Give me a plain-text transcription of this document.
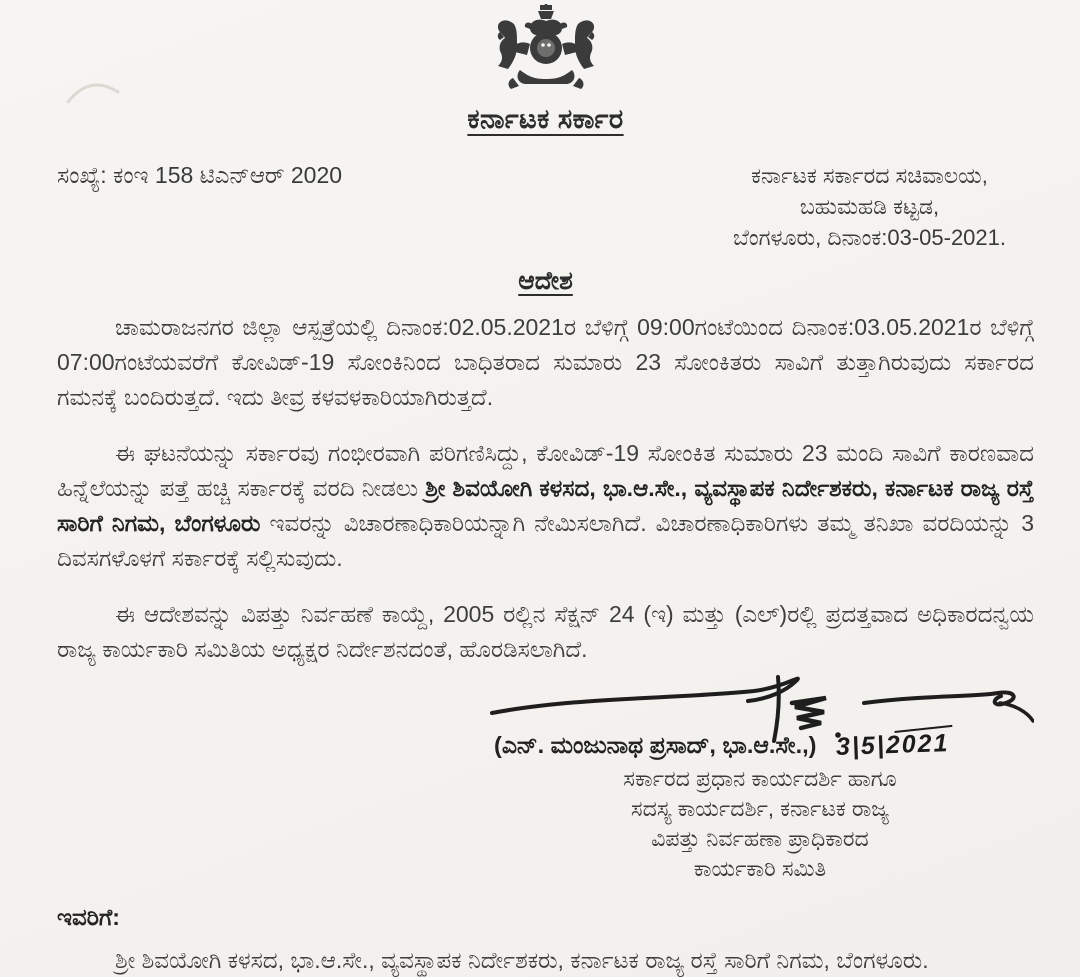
ಕರ್ನಾಟಕ ಸರ್ಕಾರ
ಸಂಖ್ಯೆ: ಕಂಇ 158 ಟಿಎನ್‌ಆರ್ 2020	ಕರ್ನಾಟಕ ಸರ್ಕಾರದ ಸಚಿವಾಲಯ,
ಬಹುಮಹಡಿ ಕಟ್ಟಡ,
ಬೆಂಗಳೂರು, ದಿನಾಂಕ:03-05-2021.
ಆದೇಶ

ಚಾಮರಾಜನಗರ ಜಿಲ್ಲಾ ಆಸ್ಪತ್ರೆಯಲ್ಲಿ ದಿನಾಂಕ:02.05.2021ರ ಬೆಳಿಗ್ಗೆ 09:00ಗಂಟೆಯಿಂದ ದಿನಾಂಕ:03.05.2021ರ ಬೆಳಿಗ್ಗೆ 07:00ಗಂಟೆಯವರೆಗೆ ಕೋವಿಡ್-19 ಸೋಂಕಿನಿಂದ ಬಾಧಿತರಾದ ಸುಮಾರು 23 ಸೋಂಕಿತರು ಸಾವಿಗೆ ತುತ್ತಾಗಿರುವುದು ಸರ್ಕಾರದ ಗಮನಕ್ಕೆ ಬಂದಿರುತ್ತದೆ. ಇದು ತೀವ್ರ ಕಳವಳಕಾರಿಯಾಗಿರುತ್ತದೆ.

ಈ ಘಟನೆಯನ್ನು ಸರ್ಕಾರವು ಗಂಭೀರವಾಗಿ ಪರಿಗಣಿಸಿದ್ದು, ಕೋವಿಡ್-19 ಸೋಂಕಿತ ಸುಮಾರು 23 ಮಂದಿ ಸಾವಿಗೆ ಕಾರಣವಾದ ಹಿನ್ನೆಲೆಯನ್ನು ಪತ್ತೆ ಹಚ್ಚಿ ಸರ್ಕಾರಕ್ಕೆ ವರದಿ ನೀಡಲು ಶ್ರೀ ಶಿವಯೋಗಿ ಕಳಸದ, ಭಾ.ಆ.ಸೇ., ವ್ಯವಸ್ಥಾಪಕ ನಿರ್ದೇಶಕರು, ಕರ್ನಾಟಕ ರಾಜ್ಯ ರಸ್ತೆ ಸಾರಿಗೆ ನಿಗಮ, ಬೆಂಗಳೂರು ಇವರನ್ನು ವಿಚಾರಣಾಧಿಕಾರಿಯನ್ನಾಗಿ ನೇಮಿಸಲಾಗಿದೆ. ವಿಚಾರಣಾಧಿಕಾರಿಗಳು ತಮ್ಮ ತನಿಖಾ ವರದಿಯನ್ನು 3 ದಿವಸಗಳೊಳಗೆ ಸರ್ಕಾರಕ್ಕೆ ಸಲ್ಲಿಸುವುದು.

ಈ ಆದೇಶವನ್ನು ವಿಪತ್ತು ನಿರ್ವಹಣೆ ಕಾಯ್ದೆ, 2005 ರಲ್ಲಿನ ಸೆಕ್ಷನ್ 24 (ಇ) ಮತ್ತು (ಎಲ್)ರಲ್ಲಿ ಪ್ರದತ್ತವಾದ ಅಧಿಕಾರದನ್ವಯ ರಾಜ್ಯ ಕಾರ್ಯಕಾರಿ ಸಮಿತಿಯ ಅಧ್ಯಕ್ಷರ ನಿರ್ದೇಶನದಂತೆ, ಹೊರಡಿಸಲಾಗಿದೆ.

(ಎನ್. ಮಂಜುನಾಥ ಪ್ರಸಾದ್, ಭಾ.ಆ.ಸೇ.,) 3|5|2021
ಸರ್ಕಾರದ ಪ್ರಧಾನ ಕಾರ್ಯದರ್ಶಿ ಹಾಗೂ
ಸದಸ್ಯ ಕಾರ್ಯದರ್ಶಿ, ಕರ್ನಾಟಕ ರಾಜ್ಯ
ವಿಪತ್ತು ನಿರ್ವಹಣಾ ಪ್ರಾಧಿಕಾರದ
ಕಾರ್ಯಕಾರಿ ಸಮಿತಿ
ಇವರಿಗೆ:

ಶ್ರೀ ಶಿವಯೋಗಿ ಕಳಸದ, ಭಾ.ಆ.ಸೇ., ವ್ಯವಸ್ಥಾಪಕ ನಿರ್ದೇಶಕರು, ಕರ್ನಾಟಕ ರಾಜ್ಯ ರಸ್ತೆ ಸಾರಿಗೆ ನಿಗಮ, ಬೆಂಗಳೂರು.
